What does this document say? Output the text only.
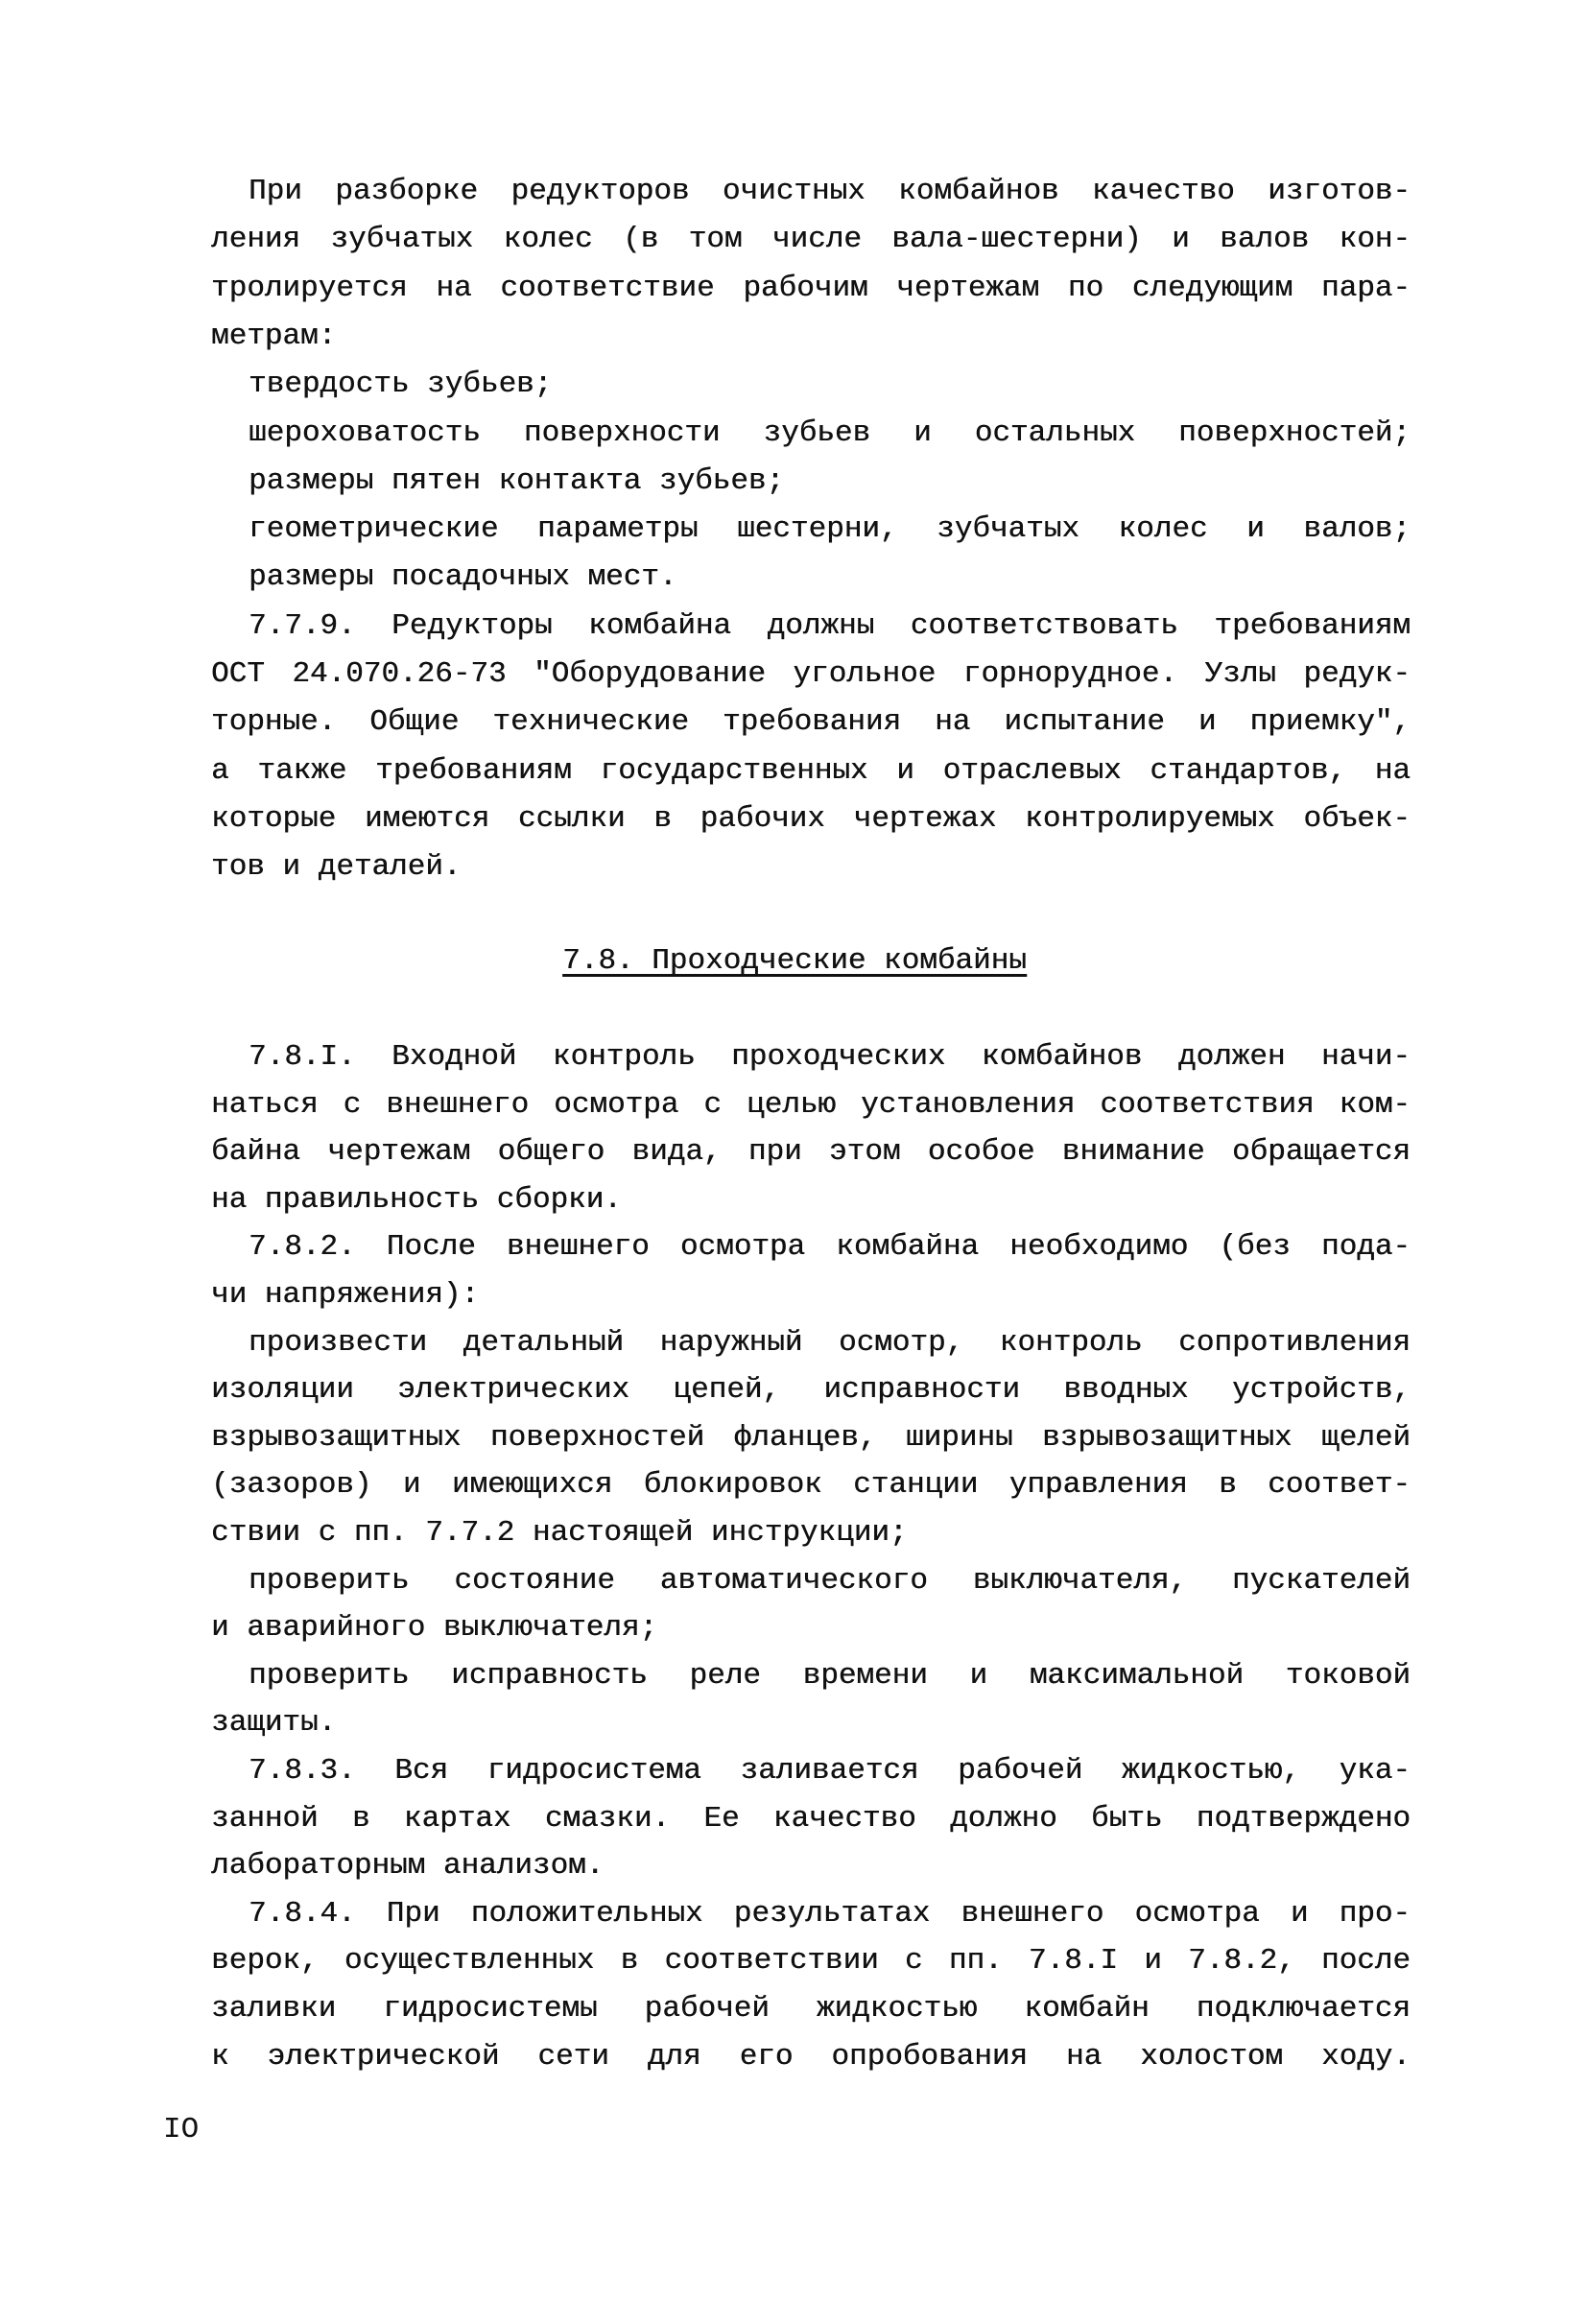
При разборке редукторов очистных комбайнов качество изготов-
ления зубчатых колес (в том числе вала-шестерни) и валов кон-
тролируется на соответствие рабочим чертежам по следующим пара-
метрам:
твердость зубьев;
шероховатость поверхности зубьев и остальных поверхностей;
размеры пятен контакта зубьев;
геометрические параметры шестерни, зубчатых колес и валов;
размеры посадочных мест.
7.7.9. Редукторы комбайна должны соответствовать требованиям
ОСТ 24.070.26-73 "Оборудование угольное горнорудное. Узлы редук-
торные. Общие технические требования на испытание и приемку",
а также требованиям государственных и отраслевых стандартов, на
которые имеются ссылки в рабочих чертежах контролируемых объек-
тов и деталей.
7.8. Проходческие комбайны
7.8.I. Входной контроль проходческих комбайнов должен начи-
наться с внешнего осмотра с целью установления соответствия ком-
байна чертежам общего вида, при этом особое внимание обращается
на правильность сборки.
7.8.2. После внешнего осмотра комбайна необходимо (без пода-
чи напряжения):
произвести детальный наружный осмотр, контроль сопротивления
изоляции электрических цепей, исправности вводных устройств,
взрывозащитных поверхностей фланцев, ширины взрывозащитных щелей
(зазоров) и имеющихся блокировок станции управления в соответ-
ствии с пп. 7.7.2 настоящей инструкции;
проверить состояние автоматического выключателя, пускателей
и аварийного выключателя;
проверить исправность реле времени и максимальной токовой
защиты.
7.8.3. Вся гидросистема заливается рабочей жидкостью, ука-
занной в картах смазки. Ее качество должно быть подтверждено
лабораторным анализом.
7.8.4. При положительных результатах внешнего осмотра и про-
верок, осуществленных в соответствии с пп. 7.8.I и 7.8.2, после
заливки гидросистемы рабочей жидкостью комбайн подключается
к электрической сети для его опробования на холостом ходу.
IO
